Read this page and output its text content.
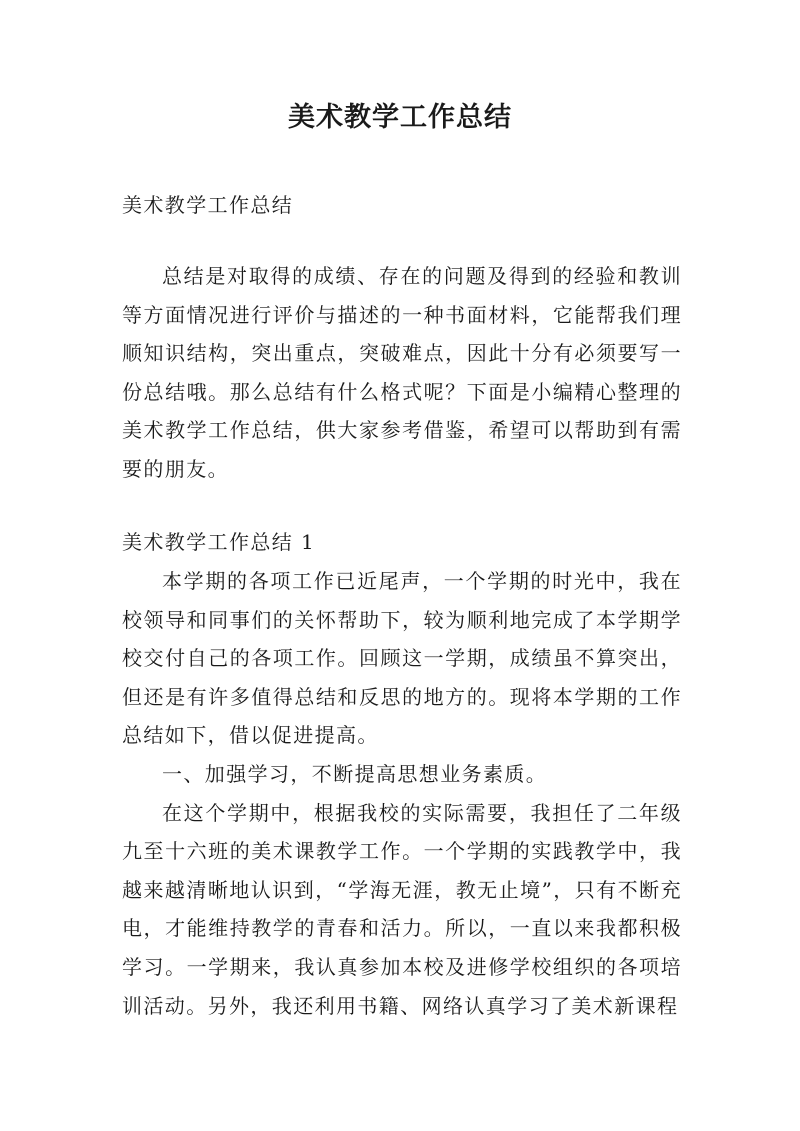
美术教学工作总结
美术教学工作总结

总结是对取得的成绩、存在的问题及得到的经验和教训等方面情况进行评价与描述的一种书面材料，它能帮我们理顺知识结构，突出重点，突破难点，因此十分有必须要写一份总结哦。那么总结有什么格式呢？下面是小编精心整理的美术教学工作总结，供大家参考借鉴，希望可以帮助到有需要的朋友。

美术教学工作总结 1

本学期的各项工作已近尾声，一个学期的时光中，我在校领导和同事们的关怀帮助下，较为顺利地完成了本学期学校交付自己的各项工作。回顾这一学期，成绩虽不算突出，但还是有许多值得总结和反思的地方的。现将本学期的工作总结如下，借以促进提高。

一、加强学习，不断提高思想业务素质。

在这个学期中，根据我校的实际需要，我担任了二年级九至十六班的美术课教学工作。一个学期的实践教学中，我越来越清晰地认识到，“学海无涯，教无止境”，只有不断充电，才能维持教学的青春和活力。所以，一直以来我都积极学习。一学期来，我认真参加本校及进修学校组织的各项培训活动。另外，我还利用书籍、网络认真学习了美术新课程
